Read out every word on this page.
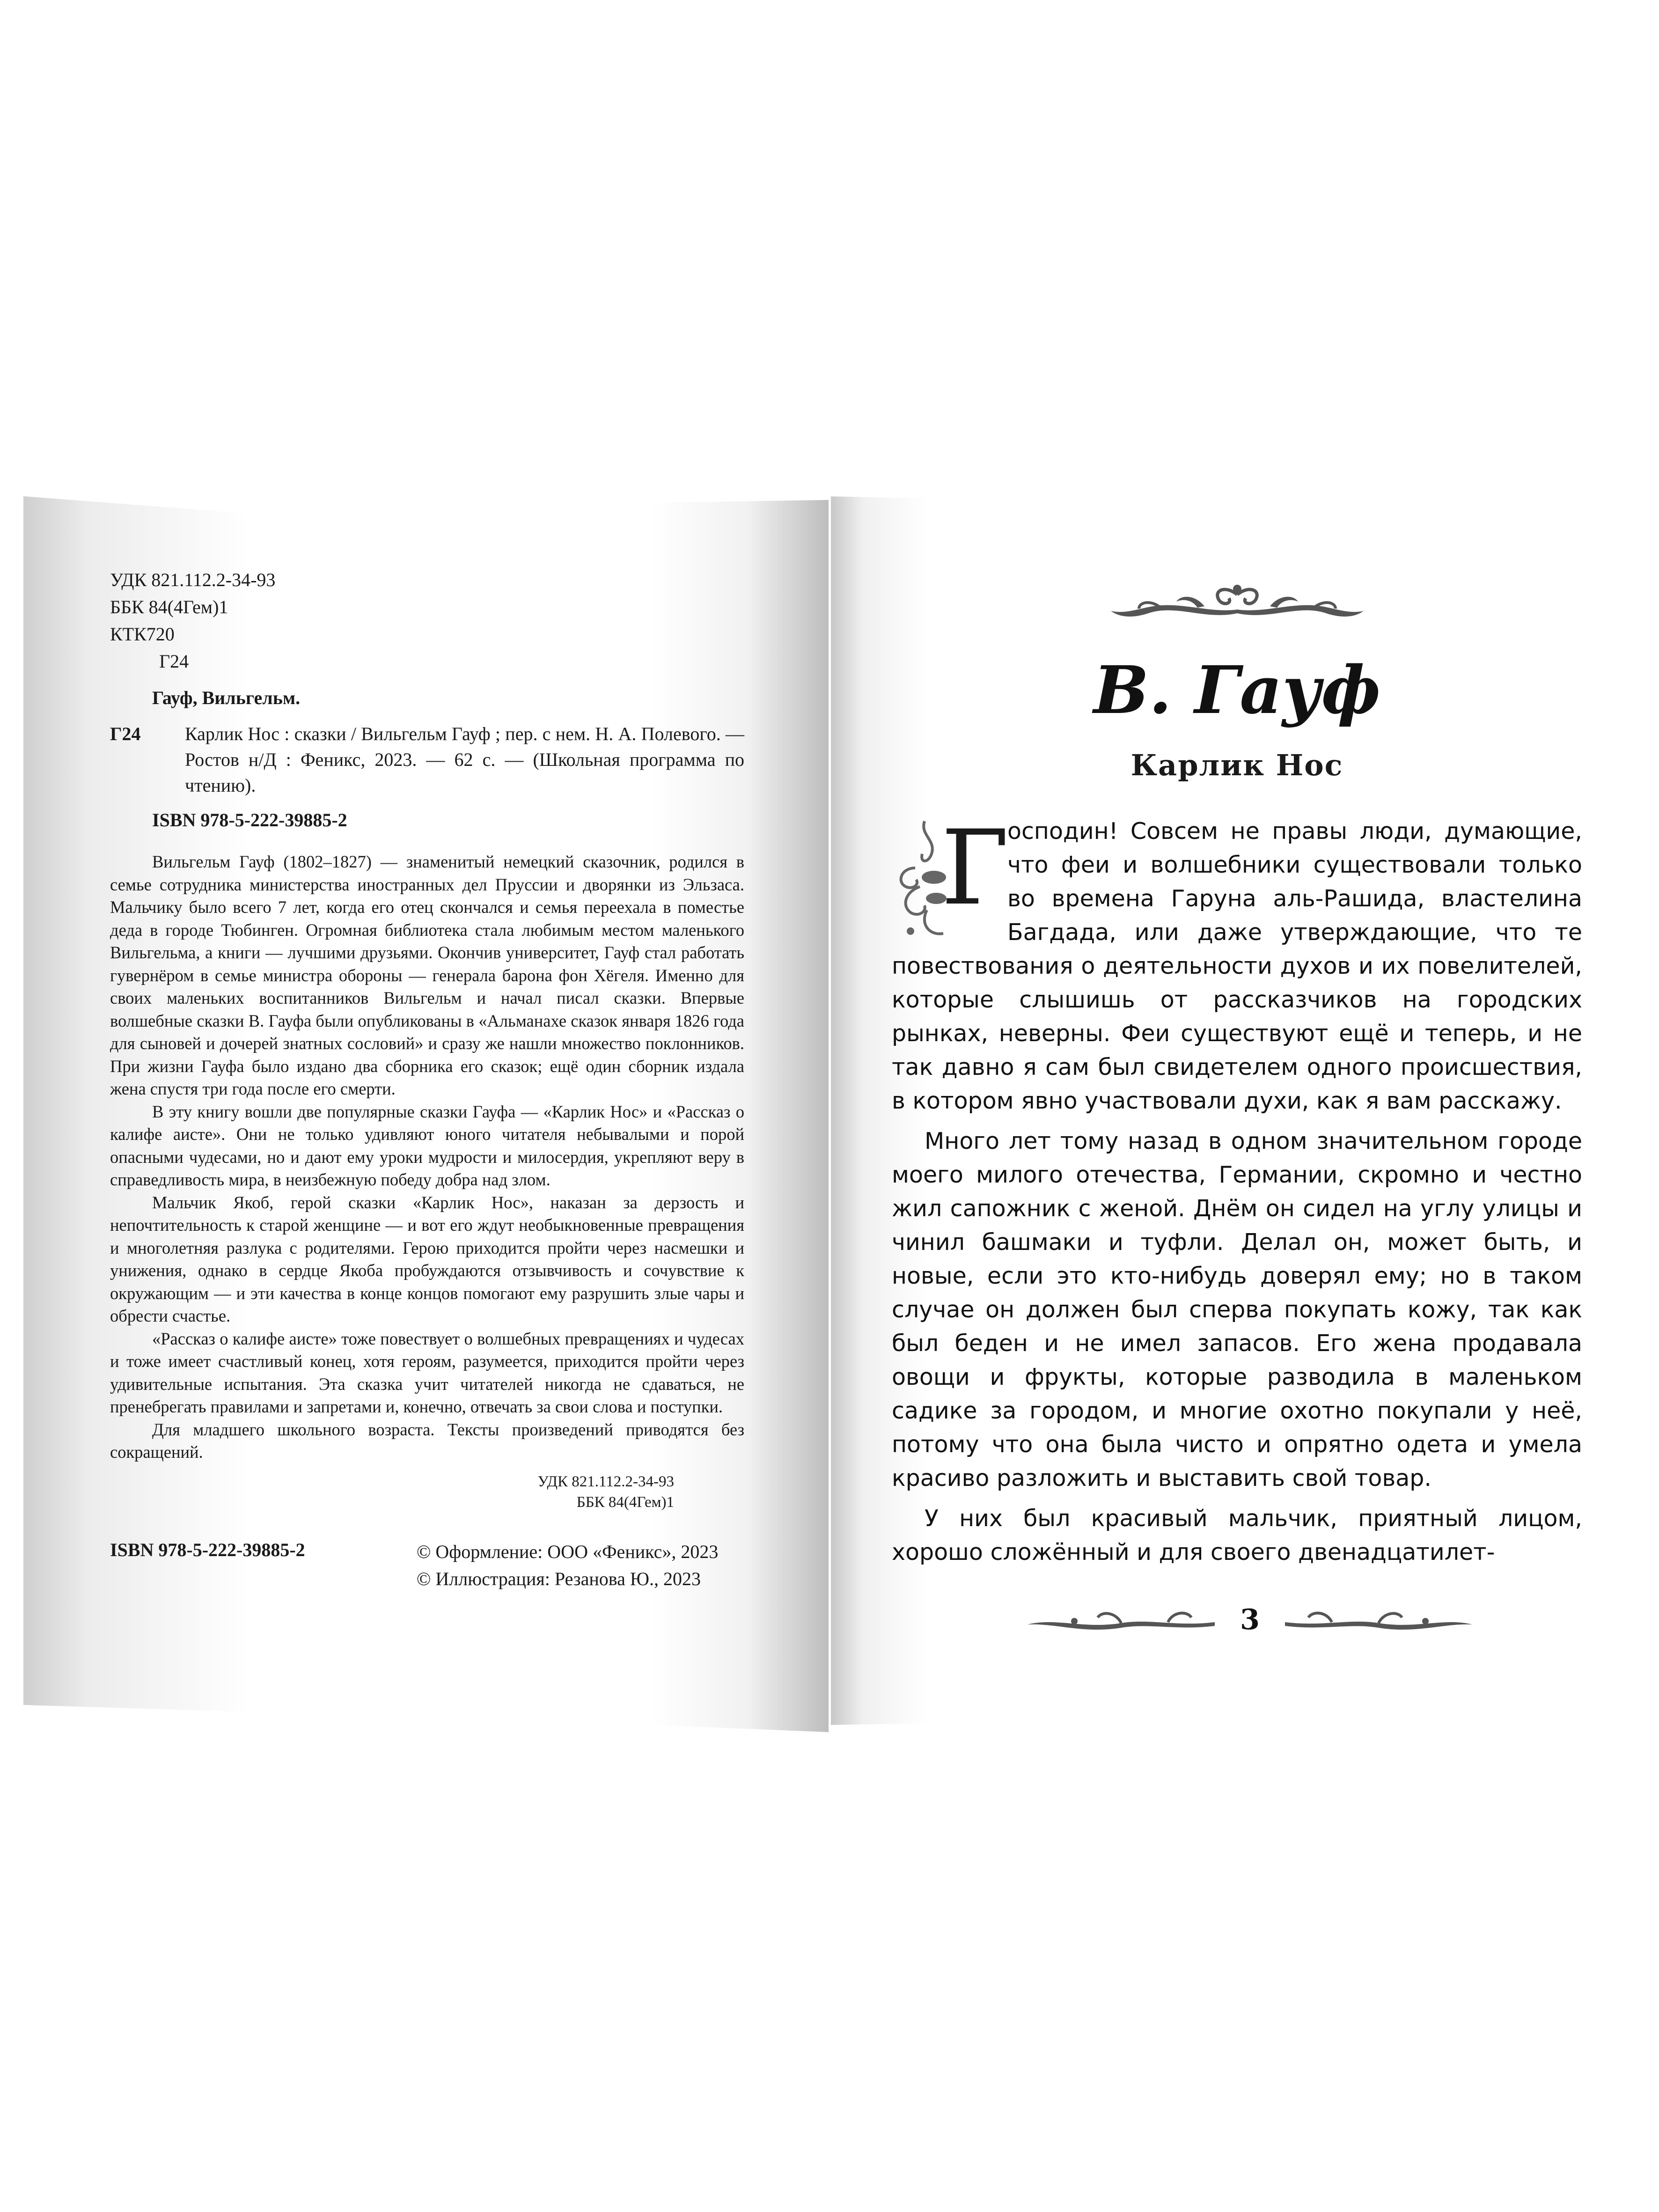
УДК 821.112.2-34-93
ББК 84(4Гем)1
КТК720
Г24
Гауф, Вильгельм.
Г24 Карлик Нос : сказки / Вильгельм Гауф ; пер. с нем. Н. А. Полевого. — Ростов н/Д : Феникс, 2023. — 62 с. — (Школьная программа по чтению).
ISBN 978-5-222-39885-2

Вильгельм Гауф (1802–1827) — знаменитый немецкий сказочник, родился в семье сотрудника министерства иностранных дел Пруссии и дворянки из Эльзаса. Мальчику было всего 7 лет, когда его отец скончался и семья переехала в поместье деда в городе Тюбинген. Огромная библиотека стала любимым местом маленького Вильгельма, а книги — лучшими друзьями. Окончив университет, Гауф стал работать гувернёром в семье министра обороны — генерала барона фон Хёгеля. Именно для своих маленьких воспитанников Вильгельм и начал писал сказки. Впервые волшебные сказки В. Гауфа были опубликованы в «Альманахе сказок января 1826 года для сыновей и дочерей знатных сословий» и сразу же нашли множество поклонников. При жизни Гауфа было издано два сборника его сказок; ещё один сборник издала жена спустя три года после его смерти.

В эту книгу вошли две популярные сказки Гауфа — «Карлик Нос» и «Рассказ о калифе аисте». Они не только удивляют юного читателя небывалыми и порой опасными чудесами, но и дают ему уроки мудрости и милосердия, укрепляют веру в справедливость мира, в неизбежную победу добра над злом.

Мальчик Якоб, герой сказки «Карлик Нос», наказан за дерзость и непочтительность к старой женщине — и вот его ждут необыкновенные превращения и многолетняя разлука с родителями. Герою приходится пройти через насмешки и унижения, однако в сердце Якоба пробуждаются отзывчивость и сочувствие к окружающим — и эти качества в конце концов помогают ему разрушить злые чары и обрести счастье.

«Рассказ о калифе аисте» тоже повествует о волшебных превращениях и чудесах и тоже имеет счастливый конец, хотя героям, разумеется, приходится пройти через удивительные испытания. Эта сказка учит читателей никогда не сдаваться, не пренебрегать правилами и запретами и, конечно, отвечать за свои слова и поступки.

Для младшего школьного возраста. Тексты произведений приводятся без сокращений.

УДК 821.112.2-34-93
ББК 84(4Гем)1
ISBN 978-5-222-39885-2	© Оформление: ООО «Феникс», 2023
© Иллюстрация: Резанова Ю., 2023
В. Гауф
Карлик Нос
Г

осподин! Совсем не правы люди, думающие, что феи и волшебники существовали только во времена Гаруна аль-Рашида, властелина Багдада, или даже утверждающие, что те повествования о деятельности духов и их повелителей, которые слышишь от рассказчиков на городских рынках, неверны. Феи существуют ещё и теперь, и не так давно я сам был свидетелем одного происшествия, в котором явно участвовали духи, как я вам расскажу.

Много лет тому назад в одном значительном городе моего милого отечества, Германии, скромно и честно жил сапожник с женой. Днём он сидел на углу улицы и чинил башмаки и туфли. Делал он, может быть, и новые, если это кто-нибудь доверял ему; но в таком случае он должен был сперва покупать кожу, так как был беден и не имел запасов. Его жена продавала овощи и фрукты, которые разводила в маленьком садике за городом, и многие охотно покупали у неё, потому что она была чисто и опрятно одета и умела красиво разложить и выставить свой товар.

У них был красивый мальчик, приятный лицом, хорошо сложённый и для своего двенадцатилет-

3
